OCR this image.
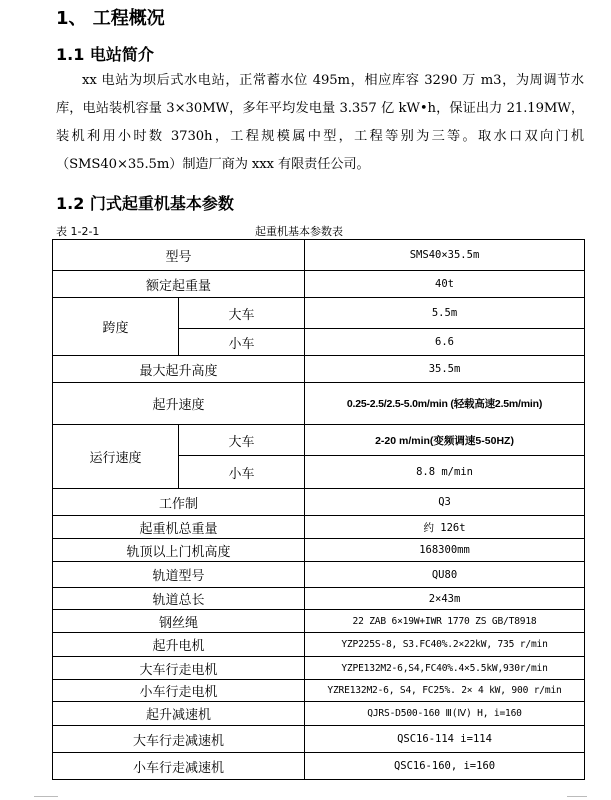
1、 工程概况
1.1 电站简介

xx 电站为坝后式水电站，正常蓄水位 495m，相应库容 3290 万 m3，为周调节水库，电站装机容量 3×30MW，多年平均发电量 3.357 亿 kW•h，保证出力 21.19MW，装机利用小时数 3730h，工程规模属中型，工程等别为三等。取水口双向门机（SMS40×35.5m）制造厂商为 xxx 有限责任公司。

1.2 门式起重机基本参数
表 1-2-1	起重机基本参数表
型号		SMS40×35.5m
额定起重量		40t
跨度	大车	5.5m
	小车	6.6
最大起升高度		35.5m
起升速度		0.25-2.5/2.5-5.0m/min (轻载高速2.5m/min)
运行速度	大车	2-20 m/min(变频调速5-50HZ)
	小车	8.8 m/min
工作制		Q3
起重机总重量		约 126t
轨顶以上门机高度		168300mm
轨道型号		QU80
轨道总长		2×43m
钢丝绳		22 ZAB 6×19W+IWR 1770 ZS GB/T8918
起升电机		YZP225S-8, S3.FC40%.2×22kW, 735 r/min
大车行走电机		YZPE132M2-6,S4,FC40%.4×5.5kW,930r/min
小车行走电机		YZRE132M2-6, S4, FC25%. 2× 4 kW, 900 r/min
起升减速机		QJRS-D500-160 Ⅲ(Ⅳ) H, i=160
大车行走减速机		QSC16-114 i=114
小车行走减速机		QSC16-160, i=160
